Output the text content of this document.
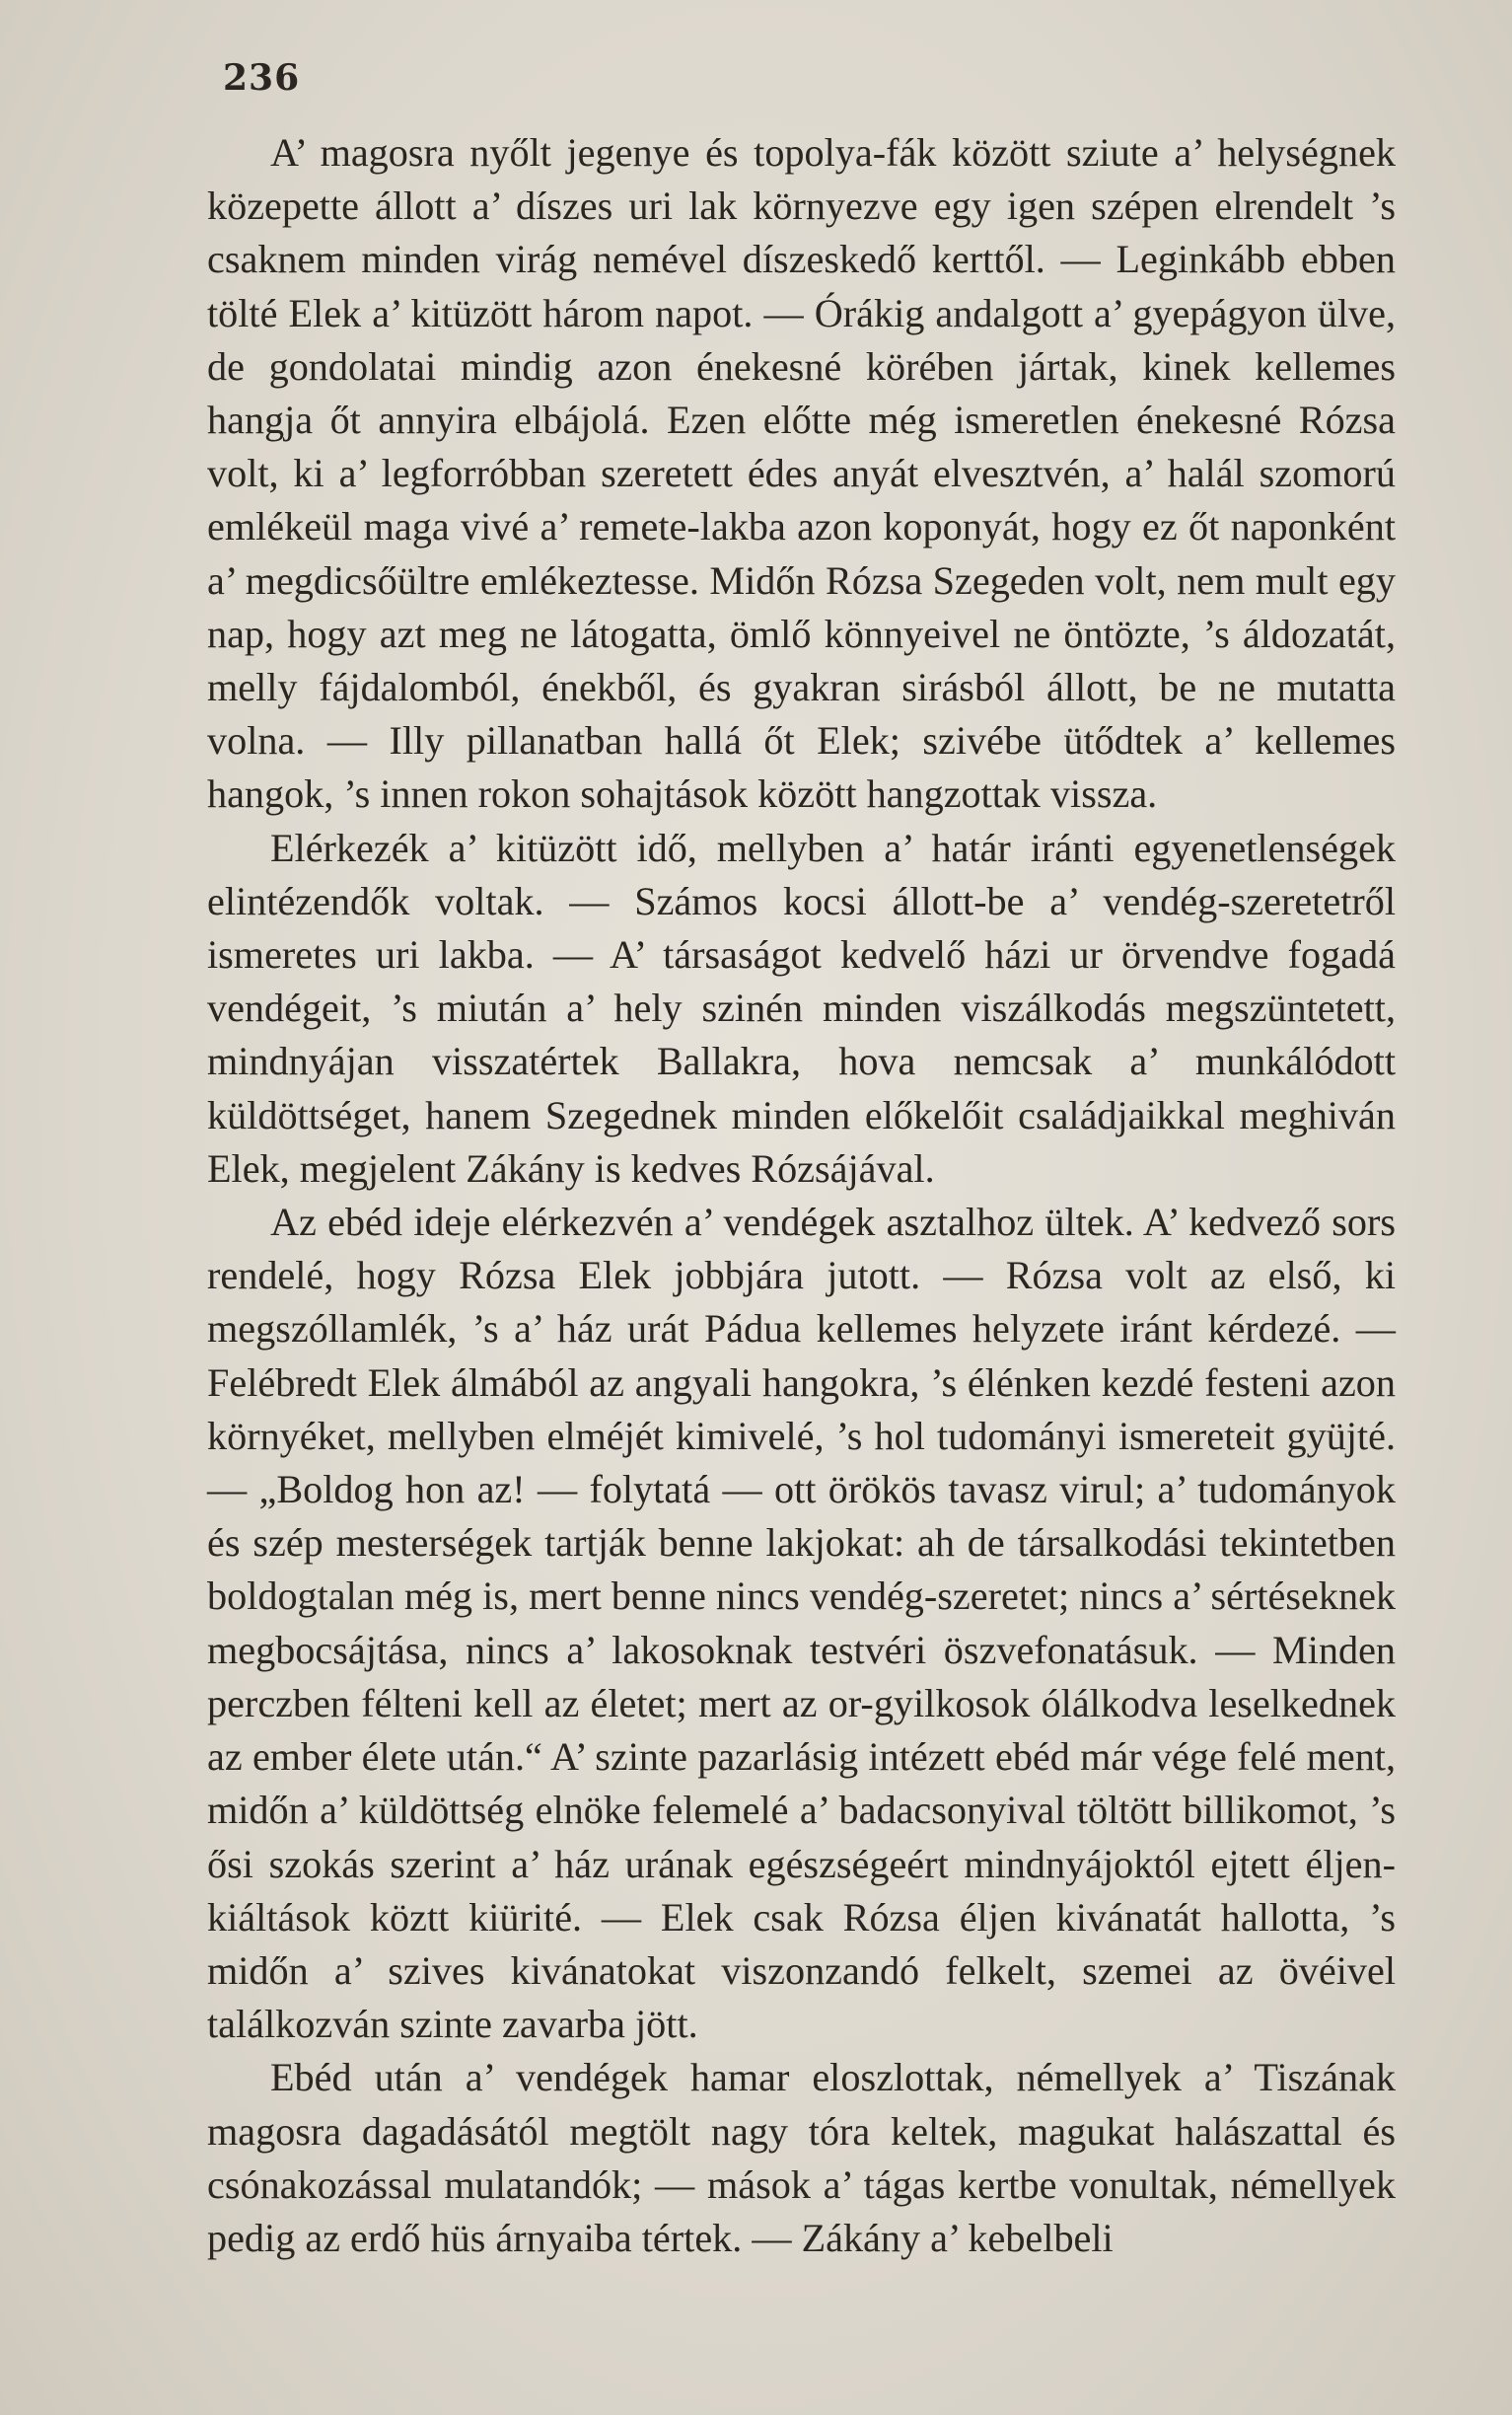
236

A’ magosra nyőlt jegenye és topolya-fák között sziute a’ helységnek közepette állott a’ díszes uri lak környezve egy igen szépen elrendelt ’s csaknem minden virág nemével díszeskedő kerttől. — Leginkább ebben tölté Elek a’ kitüzött három napot. — Órákig andalgott a’ gyepágyon ülve, de gondolatai mindig azon énekesné körében jártak, kinek kellemes hangja őt annyira elbájolá. Ezen előtte még ismeretlen énekesné Rózsa volt, ki a’ legforróbban szeretett édes anyát elvesztvén, a’ halál szomorú emlékeül maga vivé a’ remete-lakba azon koponyát, hogy ez őt naponként a’ megdicsőültre emlékeztesse. Midőn Rózsa Szegeden volt, nem mult egy nap, hogy azt meg ne látogatta, ömlő könnyeivel ne öntözte, ’s áldozatát, melly fájdalomból, énekből, és gyakran sirásból állott, be ne mutatta volna. — Illy pillanatban hallá őt Elek; szivébe ütődtek a’ kellemes hangok, ’s innen rokon sohajtások között hangzottak vissza.

Elérkezék a’ kitüzött idő, mellyben a’ határ iránti egyenetlenségek elintézendők voltak. — Számos kocsi állott-be a’ vendég-szeretetről ismeretes uri lakba. — A’ társaságot kedvelő házi ur örvendve fogadá vendégeit, ’s miután a’ hely szinén minden viszálkodás megszüntetett, mindnyájan visszatértek Ballakra, hova nemcsak a’ munkálódott küldöttséget, hanem Szegednek minden előkelőit családjaikkal meghiván Elek, megjelent Zákány is kedves Rózsájával.

Az ebéd ideje elérkezvén a’ vendégek asztalhoz ültek. A’ kedvező sors rendelé, hogy Rózsa Elek jobbjára jutott. — Rózsa volt az első, ki megszóllamlék, ’s a’ ház urát Pádua kellemes helyzete iránt kérdezé. — Felébredt Elek álmából az angyali hangokra, ’s élénken kezdé festeni azon környéket, mellyben elméjét kimivelé, ’s hol tudományi ismereteit gyüjté. — „Boldog hon az! — folytatá — ott örökös tavasz virul; a’ tudományok és szép mesterségek tartják benne lakjokat: ah de társalkodási tekintetben boldogtalan még is, mert benne nincs vendég-szeretet; nincs a’ sértéseknek megbocsájtása, nincs a’ lakosoknak testvéri öszvefonatásuk. — Minden perczben félteni kell az életet; mert az or-gyilkosok ólálkodva leselkednek az ember élete után.“ A’ szinte pazarlásig intézett ebéd már vége felé ment, midőn a’ küldöttség elnöke felemelé a’ badacsonyival töltött billikomot, ’s ősi szokás szerint a’ ház urának egészségeért mindnyájoktól ejtett éljen-kiáltások köztt kiürité. — Elek csak Rózsa éljen kivánatát hallotta, ’s midőn a’ szives kivánatokat viszonzandó felkelt, szemei az övéivel találkozván szinte zavarba jött.

Ebéd után a’ vendégek hamar eloszlottak, némellyek a’ Tiszának magosra dagadásától megtölt nagy tóra keltek, magukat halászattal és csónakozással mulatandók; — mások a’ tágas kertbe vonultak, némellyek pedig az erdő hüs árnyaiba tértek. — Zákány a’ kebelbeli
